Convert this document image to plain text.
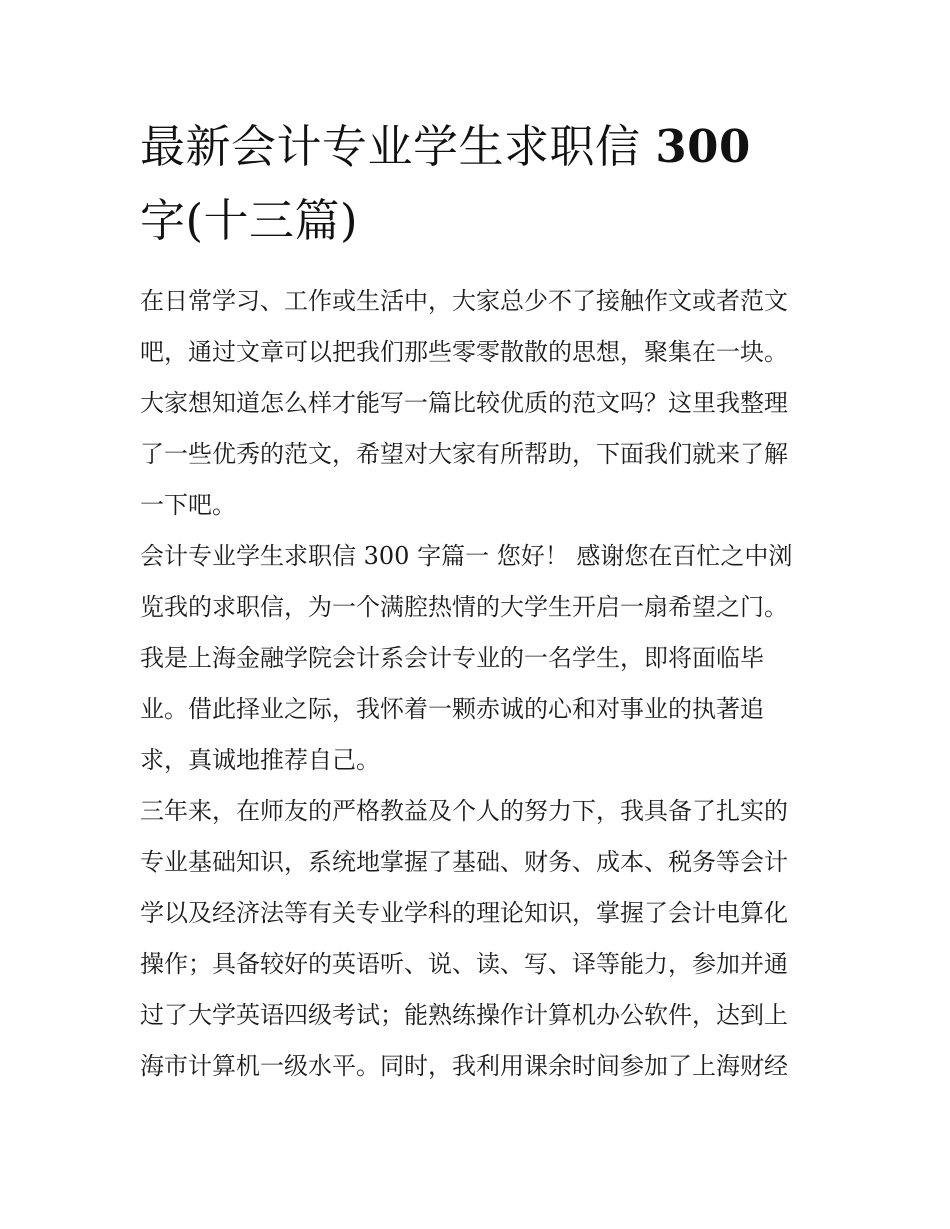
最新会计专业学生求职信 300
字(十三篇)
在日常学习、工作或生活中，大家总少不了接触作文或者范文
吧，通过文章可以把我们那些零零散散的思想，聚集在一块。
大家想知道怎么样才能写一篇比较优质的范文吗？这里我整理
了一些优秀的范文，希望对大家有所帮助，下面我们就来了解
一下吧。
会计专业学生求职信 300 字篇一 您好！ 感谢您在百忙之中浏
览我的求职信，为一个满腔热情的大学生开启一扇希望之门。
我是上海金融学院会计系会计专业的一名学生，即将面临毕
业。借此择业之际，我怀着一颗赤诚的心和对事业的执著追
求，真诚地推荐自己。
三年来，在师友的严格教益及个人的努力下，我具备了扎实的
专业基础知识，系统地掌握了基础、财务、成本、税务等会计
学以及经济法等有关专业学科的理论知识，掌握了会计电算化
操作；具备较好的英语听、说、读、写、译等能力，参加并通
过了大学英语四级考试；能熟练操作计算机办公软件，达到上
海市计算机一级水平。同时，我利用课余时间参加了上海财经
